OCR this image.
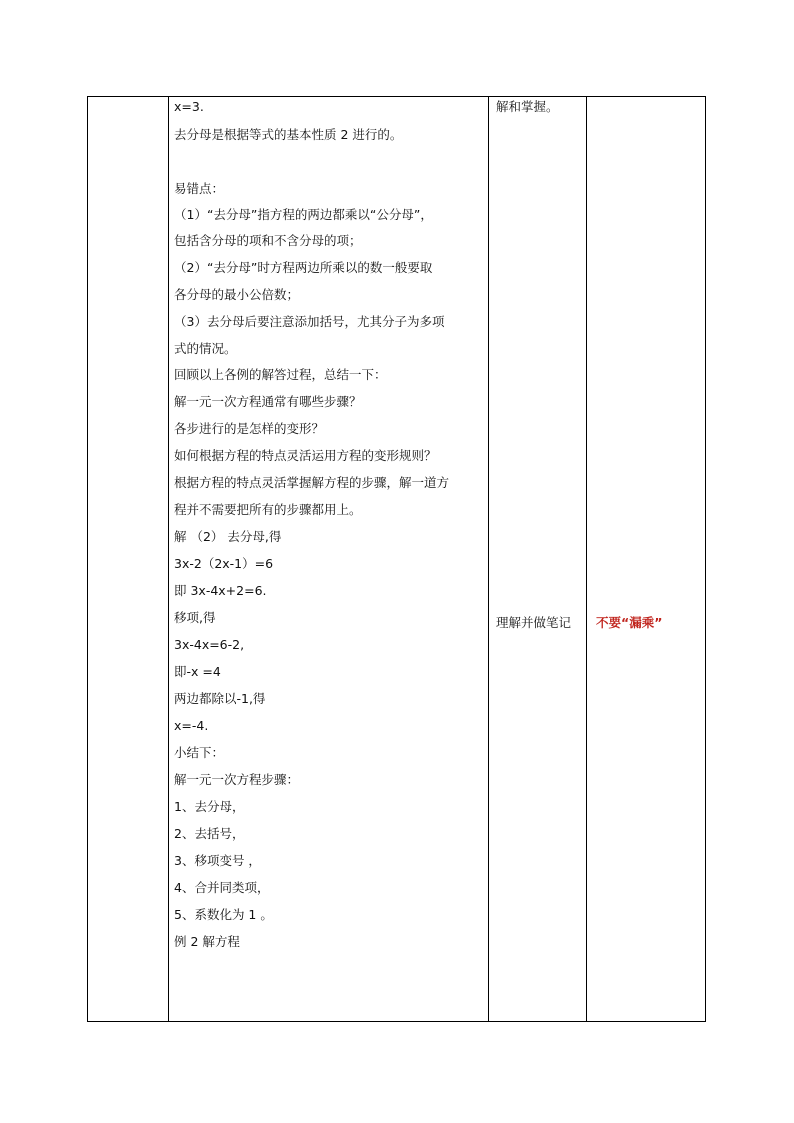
x=3.
去分母是根据等式的基本性质 2 进行的。
易错点：
（1）“去分母”指方程的两边都乘以“公分母”，
包括含分母的项和不含分母的项；
（2）“去分母”时方程两边所乘以的数一般要取
各分母的最小公倍数；
（3）去分母后要注意添加括号，尤其分子为多项
式的情况。
回顾以上各例的解答过程，总结一下：
解一元一次方程通常有哪些步骤？
各步进行的是怎样的变形？
如何根据方程的特点灵活运用方程的变形规则？
根据方程的特点灵活掌握解方程的步骤，解一道方
程并不需要把所有的步骤都用上。
解 （2） 去分母,得
3x-2（2x-1）=6
即 3x-4x+2=6.
移项,得
3x-4x=6-2,
即-x =4
两边都除以-1,得
x=-4.
小结下：
解一元一次方程步骤：
1、去分母，
2、去括号，
3、移项变号 ，
4、合并同类项，
5、系数化为 1 。
例 2 解方程
解和掌握。
理解并做笔记	不要“漏乘”
